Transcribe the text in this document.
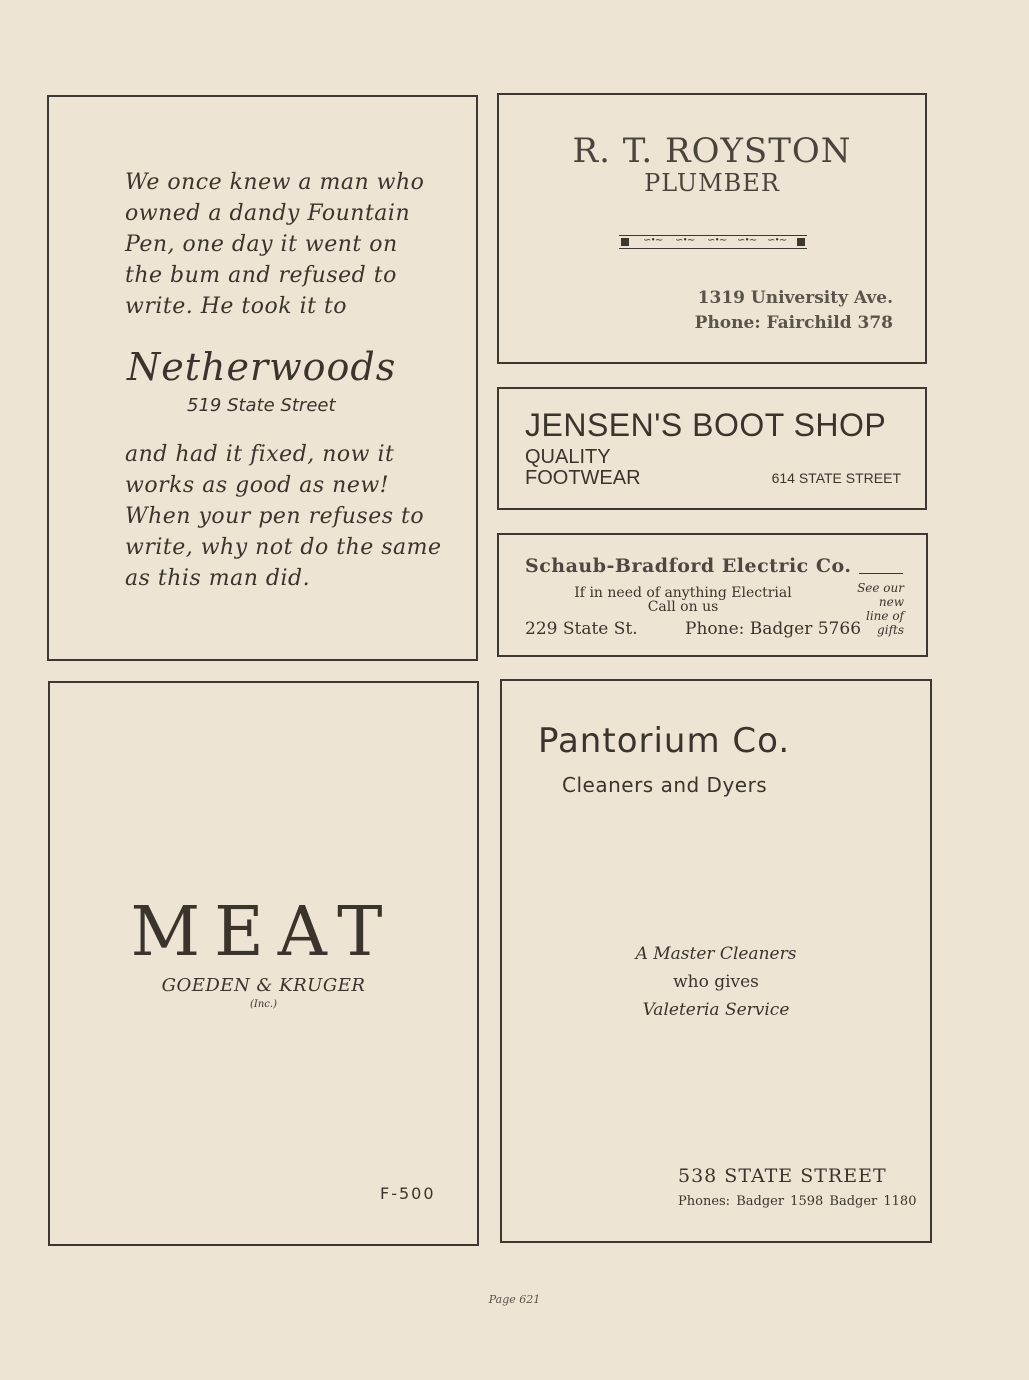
We once knew a man who
owned a dandy Fountain
Pen, one day it went on
the bum and refused to
write. He took it to
Netherwoods
519 State Street
and had it fixed, now it
works as good as new!
When your pen refuses to
write, why not do the same
as this man did.
R. T. ROYSTON
PLUMBER
∽•∼ ∽•∼ ∽•∼ ∽•∼ ∽•∼
1319 University Ave.
Phone: Fairchild 378
JENSEN'S BOOT SHOP
QUALITY
FOOTWEAR	614 STATE STREET
Schaub-Bradford Electric Co.
If in need of anything Electrial
Call on us
229 State St.	Phone: Badger 5766
See our
new
line of
gifts
MEAT
GOEDEN & KRUGER
(Inc.)
F-500
Pantorium Co.
Cleaners and Dyers
A Master Cleaners
who gives
Valeteria Service
538 STATE STREET
Phones: Badger 1598 Badger 1180
Page 621
